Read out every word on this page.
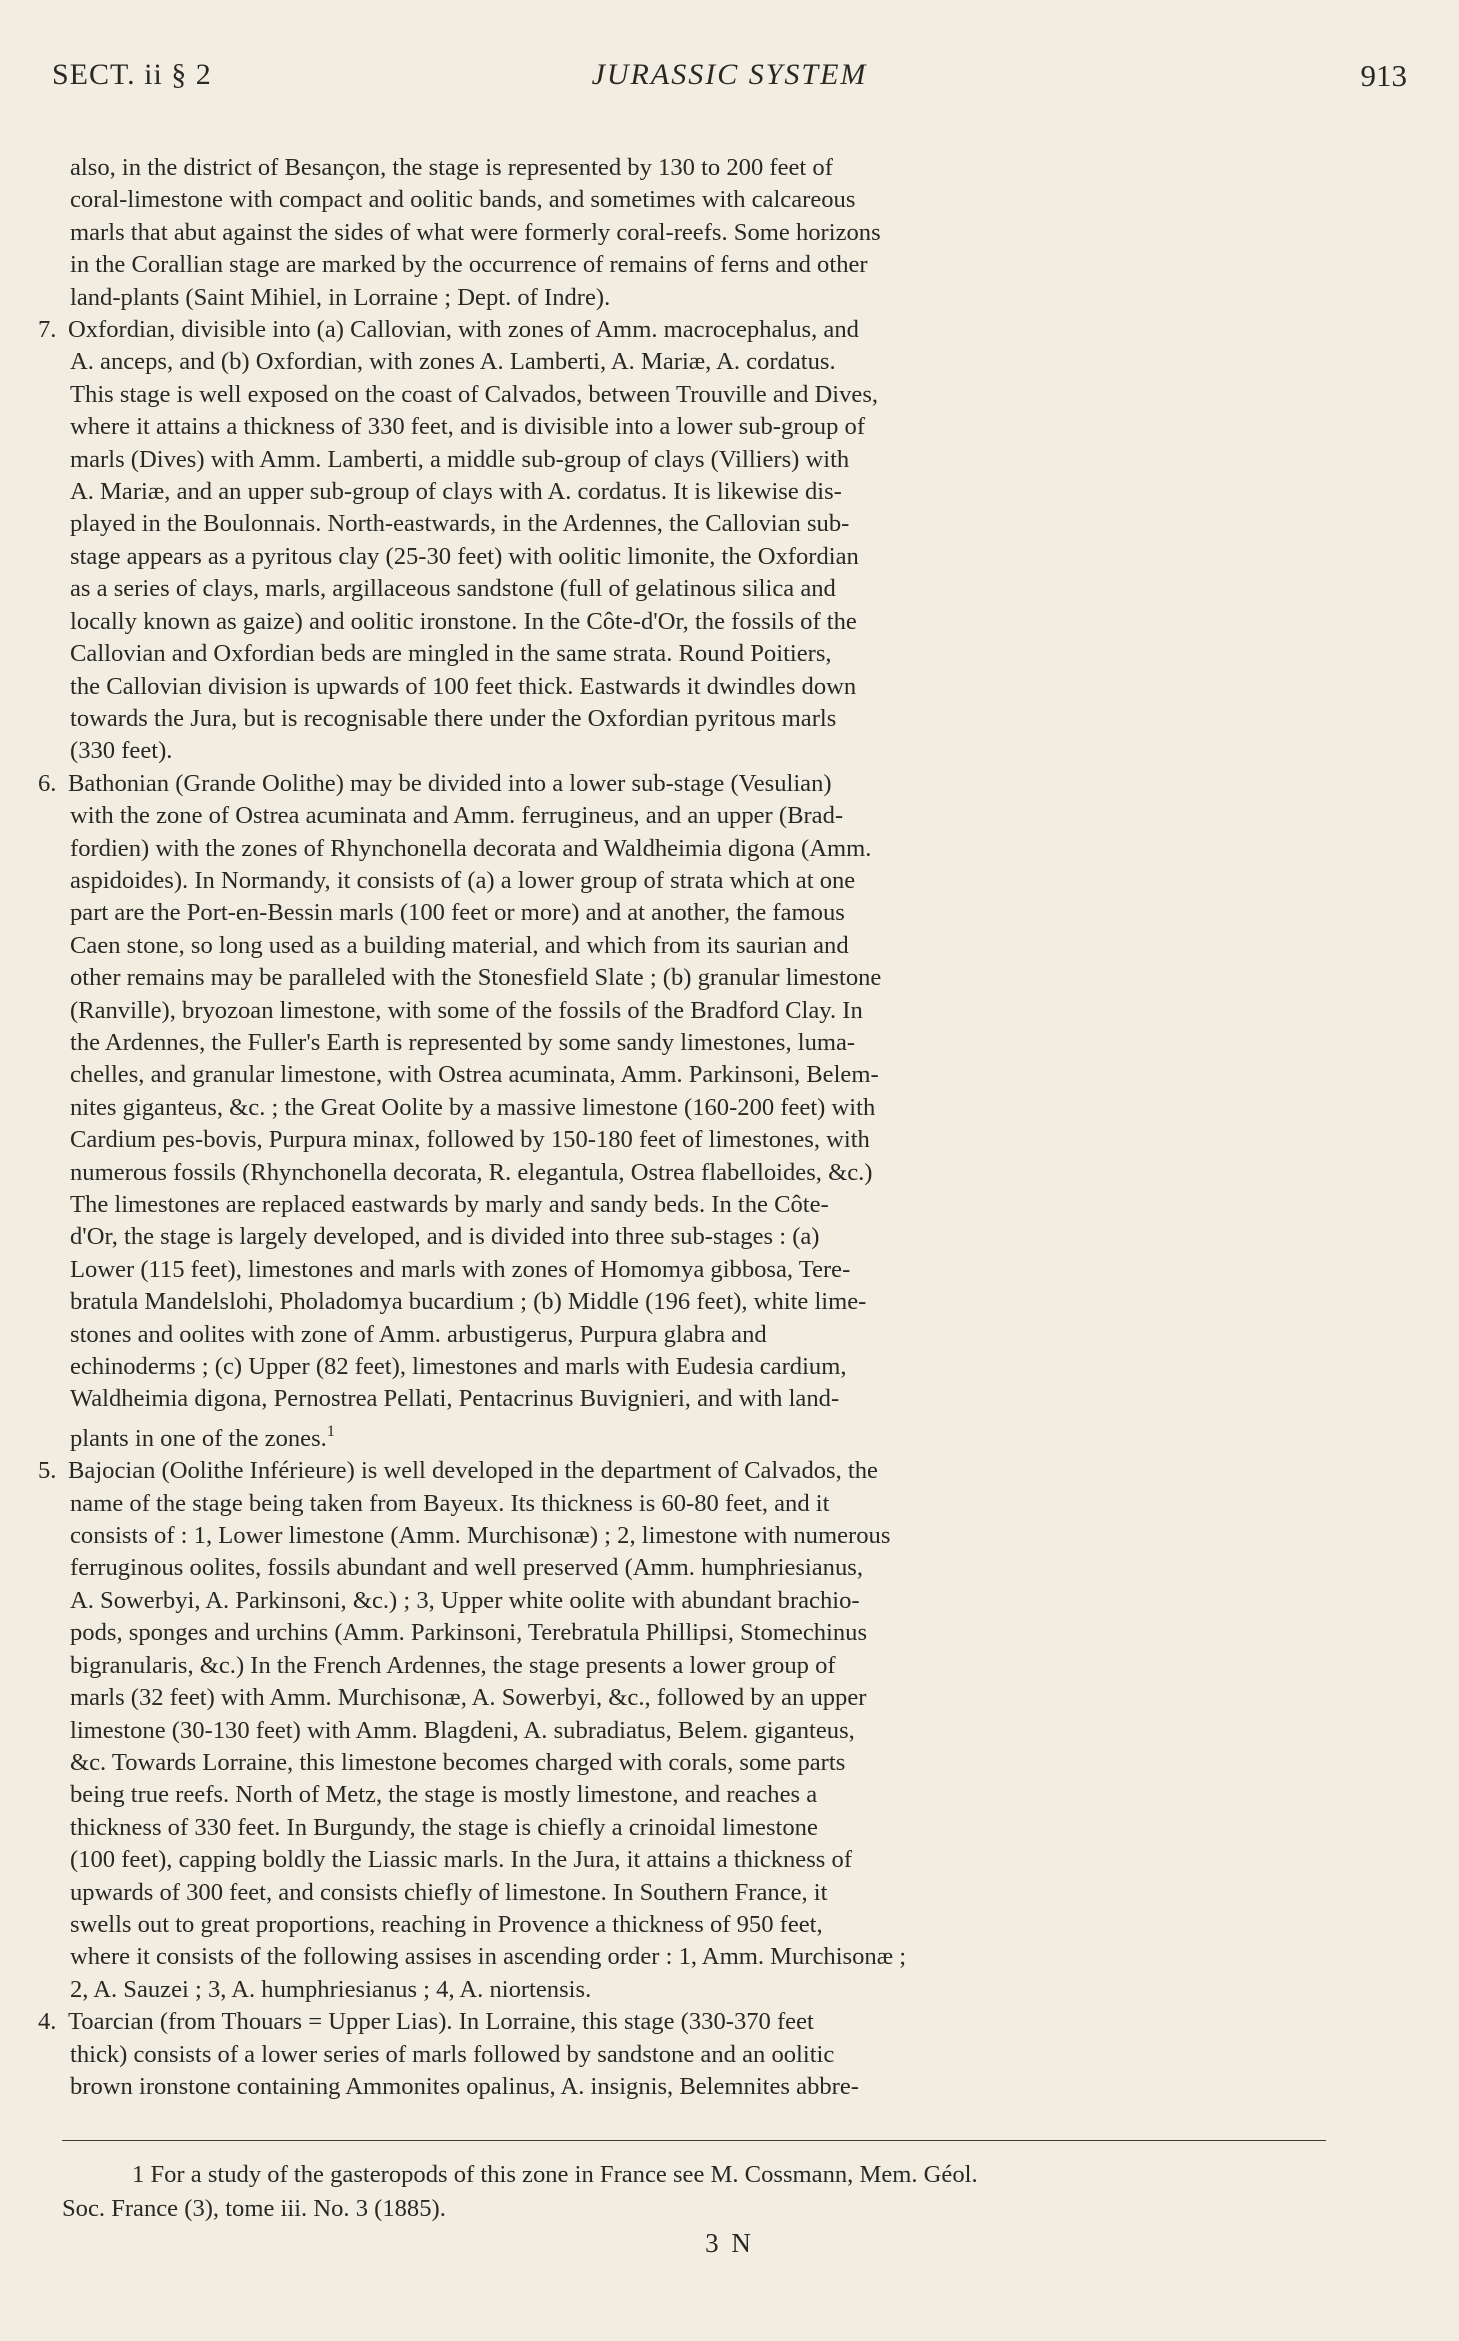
SECT. ii § 2	JURASSIC SYSTEM	913
also, in the district of Besançon, the stage is represented by 130 to 200 feet of
coral-limestone with compact and oolitic bands, and sometimes with calcareous
marls that abut against the sides of what were formerly coral-reefs. Some horizons
in the Corallian stage are marked by the occurrence of remains of ferns and other
land-plants (Saint Mihiel, in Lorraine ; Dept. of Indre).
7. Oxfordian, divisible into (a) Callovian, with zones of Amm. macrocephalus, and
A. anceps, and (b) Oxfordian, with zones A. Lamberti, A. Mariæ, A. cordatus.
This stage is well exposed on the coast of Calvados, between Trouville and Dives,
where it attains a thickness of 330 feet, and is divisible into a lower sub-group of
marls (Dives) with Amm. Lamberti, a middle sub-group of clays (Villiers) with
A. Mariæ, and an upper sub-group of clays with A. cordatus. It is likewise dis-
played in the Boulonnais. North-eastwards, in the Ardennes, the Callovian sub-
stage appears as a pyritous clay (25-30 feet) with oolitic limonite, the Oxfordian
as a series of clays, marls, argillaceous sandstone (full of gelatinous silica and
locally known as gaize) and oolitic ironstone. In the Côte-d'Or, the fossils of the
Callovian and Oxfordian beds are mingled in the same strata. Round Poitiers,
the Callovian division is upwards of 100 feet thick. Eastwards it dwindles down
towards the Jura, but is recognisable there under the Oxfordian pyritous marls
(330 feet).
6. Bathonian (Grande Oolithe) may be divided into a lower sub-stage (Vesulian)
with the zone of Ostrea acuminata and Amm. ferrugineus, and an upper (Brad-
fordien) with the zones of Rhynchonella decorata and Waldheimia digona (Amm.
aspidoides). In Normandy, it consists of (a) a lower group of strata which at one
part are the Port-en-Bessin marls (100 feet or more) and at another, the famous
Caen stone, so long used as a building material, and which from its saurian and
other remains may be paralleled with the Stonesfield Slate ; (b) granular limestone
(Ranville), bryozoan limestone, with some of the fossils of the Bradford Clay. In
the Ardennes, the Fuller's Earth is represented by some sandy limestones, luma-
chelles, and granular limestone, with Ostrea acuminata, Amm. Parkinsoni, Belem-
nites giganteus, &c. ; the Great Oolite by a massive limestone (160-200 feet) with
Cardium pes-bovis, Purpura minax, followed by 150-180 feet of limestones, with
numerous fossils (Rhynchonella decorata, R. elegantula, Ostrea flabelloides, &c.)
The limestones are replaced eastwards by marly and sandy beds. In the Côte-
d'Or, the stage is largely developed, and is divided into three sub-stages : (a)
Lower (115 feet), limestones and marls with zones of Homomya gibbosa, Tere-
bratula Mandelslohi, Pholadomya bucardium ; (b) Middle (196 feet), white lime-
stones and oolites with zone of Amm. arbustigerus, Purpura glabra and
echinoderms ; (c) Upper (82 feet), limestones and marls with Eudesia cardium,
Waldheimia digona, Pernostrea Pellati, Pentacrinus Buvignieri, and with land-
plants in one of the zones.$^1$
5. Bajocian (Oolithe Inférieure) is well developed in the department of Calvados, the
name of the stage being taken from Bayeux. Its thickness is 60-80 feet, and it
consists of : 1, Lower limestone (Amm. Murchisonæ) ; 2, limestone with numerous
ferruginous oolites, fossils abundant and well preserved (Amm. humphriesianus,
A. Sowerbyi, A. Parkinsoni, &c.) ; 3, Upper white oolite with abundant brachio-
pods, sponges and urchins (Amm. Parkinsoni, Terebratula Phillipsi, Stomechinus
bigranularis, &c.) In the French Ardennes, the stage presents a lower group of
marls (32 feet) with Amm. Murchisonæ, A. Sowerbyi, &c., followed by an upper
limestone (30-130 feet) with Amm. Blagdeni, A. subradiatus, Belem. giganteus,
&c. Towards Lorraine, this limestone becomes charged with corals, some parts
being true reefs. North of Metz, the stage is mostly limestone, and reaches a
thickness of 330 feet. In Burgundy, the stage is chiefly a crinoidal limestone
(100 feet), capping boldly the Liassic marls. In the Jura, it attains a thickness of
upwards of 300 feet, and consists chiefly of limestone. In Southern France, it
swells out to great proportions, reaching in Provence a thickness of 950 feet,
where it consists of the following assises in ascending order : 1, Amm. Murchisonæ ;
2, A. Sauzei ; 3, A. humphriesianus ; 4, A. niortensis.
4. Toarcian (from Thouars = Upper Lias). In Lorraine, this stage (330-370 feet
thick) consists of a lower series of marls followed by sandstone and an oolitic
brown ironstone containing Ammonites opalinus, A. insignis, Belemnites abbre-
1 For a study of the gasteropods of this zone in France see M. Cossmann, Mem. Géol.
Soc. France (3), tome iii. No. 3 (1885).
3 N
